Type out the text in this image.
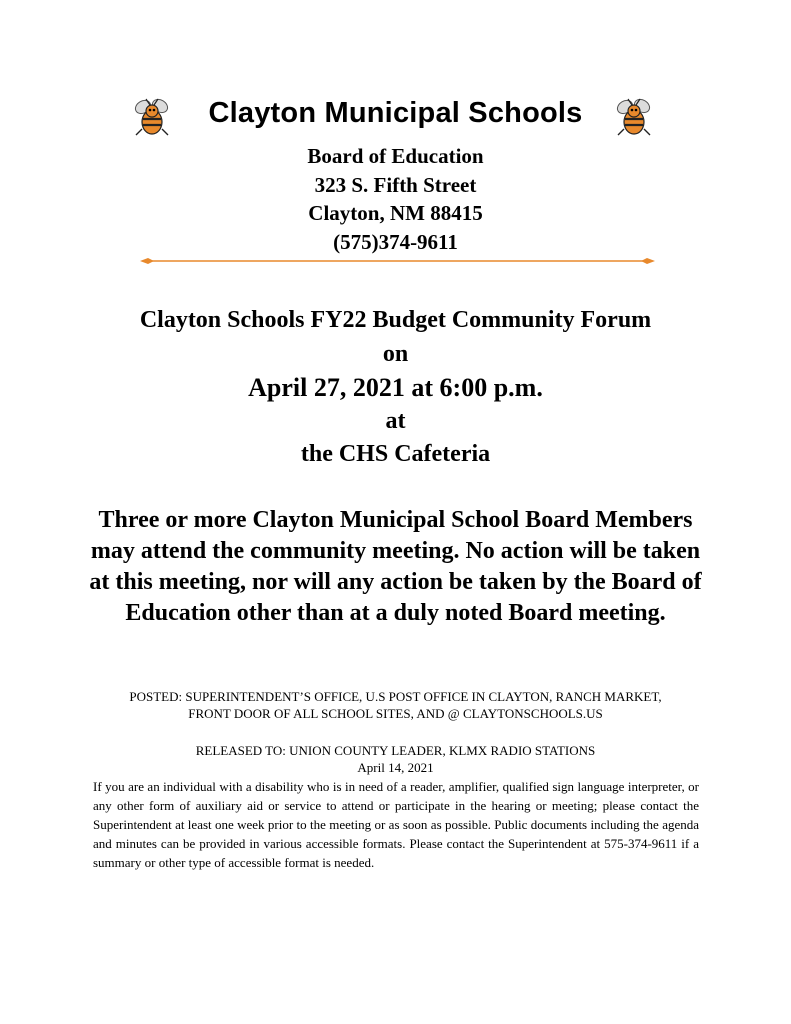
Clayton Municipal Schools
Board of Education
323 S. Fifth Street
Clayton, NM 88415
(575)374-9611
Clayton Schools FY22 Budget Community Forum
on
April 27, 2021 at 6:00 p.m.
at
the CHS Cafeteria
Three or more Clayton Municipal School Board Members may attend the community meeting. No action will be taken at this meeting, nor will any action be taken by the Board of Education other than at a duly noted Board meeting.
POSTED: SUPERINTENDENT’S OFFICE, U.S POST OFFICE IN CLAYTON, RANCH MARKET,
FRONT DOOR OF ALL SCHOOL SITES, AND @ CLAYTONSCHOOLS.US
RELEASED TO: UNION COUNTY LEADER, KLMX RADIO STATIONS
April 14, 2021
If you are an individual with a disability who is in need of a reader, amplifier, qualified sign language interpreter, or any other form of auxiliary aid or service to attend or participate in the hearing or meeting; please contact the Superintendent at least one week prior to the meeting or as soon as possible. Public documents including the agenda and minutes can be provided in various accessible formats. Please contact the Superintendent at 575-374-9611 if a summary or other type of accessible format is needed.
